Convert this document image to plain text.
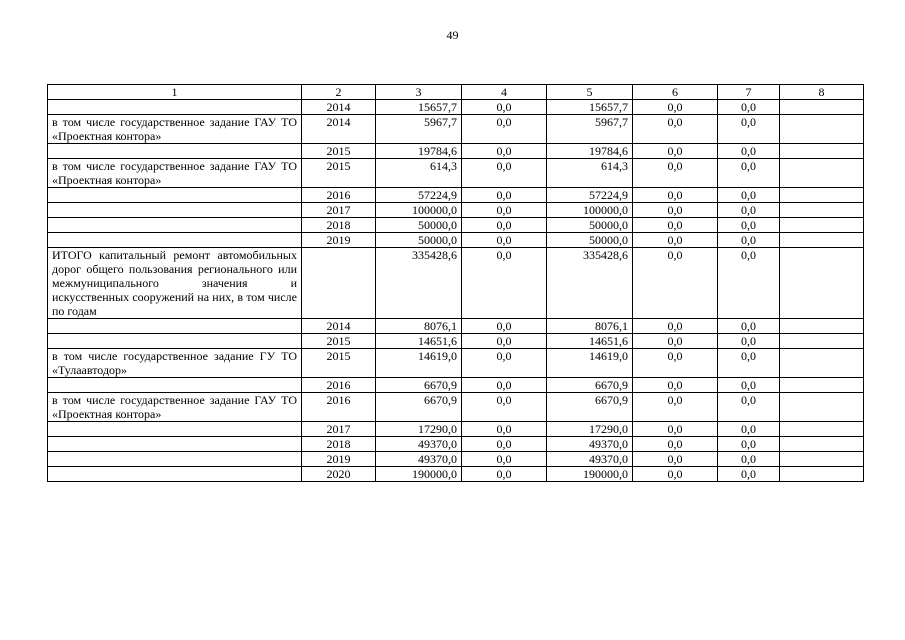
49
1	2	3	4	5	6	7	8
	2014	15657,7	0,0	15657,7	0,0	0,0	
в том числе государственное задание ГАУ ТО «Проектная контора»	2014	5967,7	0,0	5967,7	0,0	0,0	
	2015	19784,6	0,0	19784,6	0,0	0,0	
в том числе государственное задание ГАУ ТО «Проектная контора»	2015	614,3	0,0	614,3	0,0	0,0	
	2016	57224,9	0,0	57224,9	0,0	0,0	
	2017	100000,0	0,0	100000,0	0,0	0,0	
	2018	50000,0	0,0	50000,0	0,0	0,0	
	2019	50000,0	0,0	50000,0	0,0	0,0	
ИТОГО капитальный ремонт автомобильных дорог общего пользования регионального или межмуниципального значения и искусственных сооружений на них, в том числе по годам		335428,6	0,0	335428,6	0,0	0,0	
	2014	8076,1	0,0	8076,1	0,0	0,0	
	2015	14651,6	0,0	14651,6	0,0	0,0	
в том числе государственное задание ГУ ТО «Тулаавтодор»	2015	14619,0	0,0	14619,0	0,0	0,0	
	2016	6670,9	0,0	6670,9	0,0	0,0	
в том числе государственное задание ГАУ ТО «Проектная контора»	2016	6670,9	0,0	6670,9	0,0	0,0	
	2017	17290,0	0,0	17290,0	0,0	0,0	
	2018	49370,0	0,0	49370,0	0,0	0,0	
	2019	49370,0	0,0	49370,0	0,0	0,0	
	2020	190000,0	0,0	190000,0	0,0	0,0	
